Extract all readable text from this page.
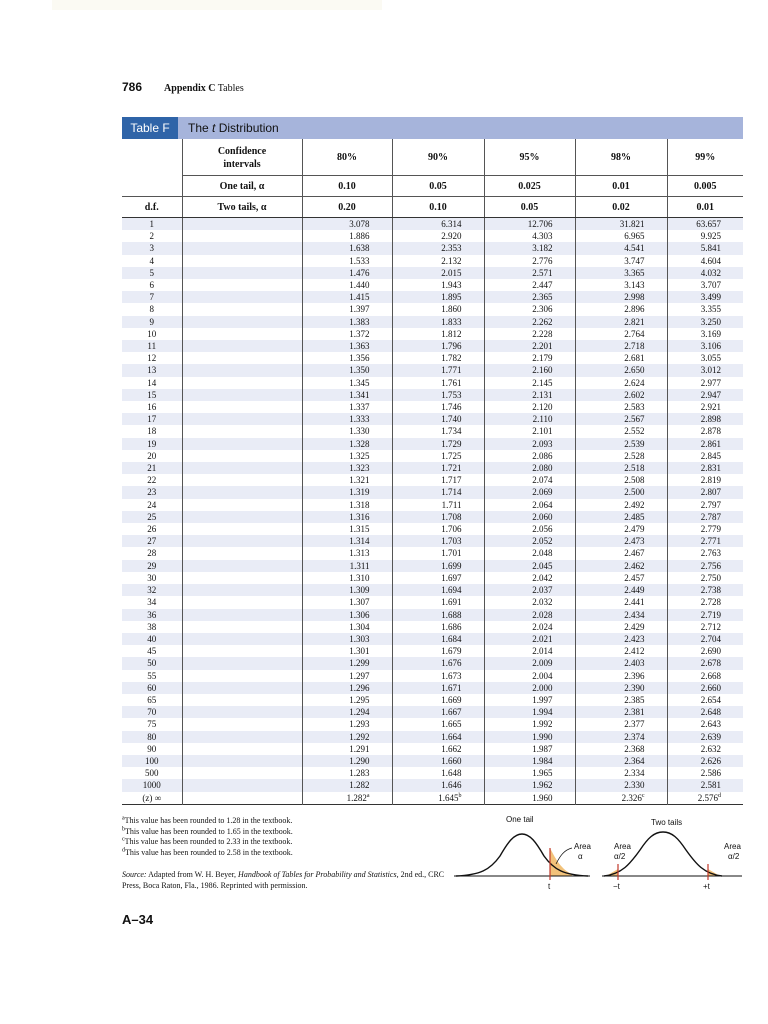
786 Appendix C Tables
Table F	The t Distribution

	Confidence
intervals	80%	90%	95%	98%	99%
	One tail, α	0.10	0.05	0.025	0.01	0.005
d.f.	Two tails, α	0.20	0.10	0.05	0.02	0.01
1		3.078	6.314	12.706	31.821	63.657
2		1.886	2.920	4.303	6.965	9.925
3		1.638	2.353	3.182	4.541	5.841
4		1.533	2.132	2.776	3.747	4.604
5		1.476	2.015	2.571	3.365	4.032
6		1.440	1.943	2.447	3.143	3.707
7		1.415	1.895	2.365	2.998	3.499
8		1.397	1.860	2.306	2.896	3.355
9		1.383	1.833	2.262	2.821	3.250
10		1.372	1.812	2.228	2.764	3.169
11		1.363	1.796	2.201	2.718	3.106
12		1.356	1.782	2.179	2.681	3.055
13		1.350	1.771	2.160	2.650	3.012
14		1.345	1.761	2.145	2.624	2.977
15		1.341	1.753	2.131	2.602	2.947
16		1.337	1.746	2.120	2.583	2.921
17		1.333	1.740	2.110	2.567	2.898
18		1.330	1.734	2.101	2.552	2.878
19		1.328	1.729	2.093	2.539	2.861
20		1.325	1.725	2.086	2.528	2.845
21		1.323	1.721	2.080	2.518	2.831
22		1.321	1.717	2.074	2.508	2.819
23		1.319	1.714	2.069	2.500	2.807
24		1.318	1.711	2.064	2.492	2.797
25		1.316	1.708	2.060	2.485	2.787
26		1.315	1.706	2.056	2.479	2.779
27		1.314	1.703	2.052	2.473	2.771
28		1.313	1.701	2.048	2.467	2.763
29		1.311	1.699	2.045	2.462	2.756
30		1.310	1.697	2.042	2.457	2.750
32		1.309	1.694	2.037	2.449	2.738
34		1.307	1.691	2.032	2.441	2.728
36		1.306	1.688	2.028	2.434	2.719
38		1.304	1.686	2.024	2.429	2.712
40		1.303	1.684	2.021	2.423	2.704
45		1.301	1.679	2.014	2.412	2.690
50		1.299	1.676	2.009	2.403	2.678
55		1.297	1.673	2.004	2.396	2.668
60		1.296	1.671	2.000	2.390	2.660
65		1.295	1.669	1.997	2.385	2.654
70		1.294	1.667	1.994	2.381	2.648
75		1.293	1.665	1.992	2.377	2.643
80		1.292	1.664	1.990	2.374	2.639
90		1.291	1.662	1.987	2.368	2.632
100		1.290	1.660	1.984	2.364	2.626
500		1.283	1.648	1.965	2.334	2.586
1000		1.282	1.646	1.962	2.330	2.581
(z) ∞		1.282$^a$	1.645$^b$	1.960	2.326$^c$	2.576$^d$

$^a$This value has been rounded to 1.28 in the textbook.

$^b$This value has been rounded to 1.65 in the textbook.

$^c$This value has been rounded to 2.33 in the textbook.

$^d$This value has been rounded to 2.58 in the textbook.

Source: Adapted from W. H. Beyer, Handbook of Tables for Probability and Statistics, 2nd ed., CRC Press, Boca Raton, Fla., 1986. Reprinted with permission.
One tail	Two tails
Area
α
Area
α/2
Area
α/2
t	−t	+t
A–34
